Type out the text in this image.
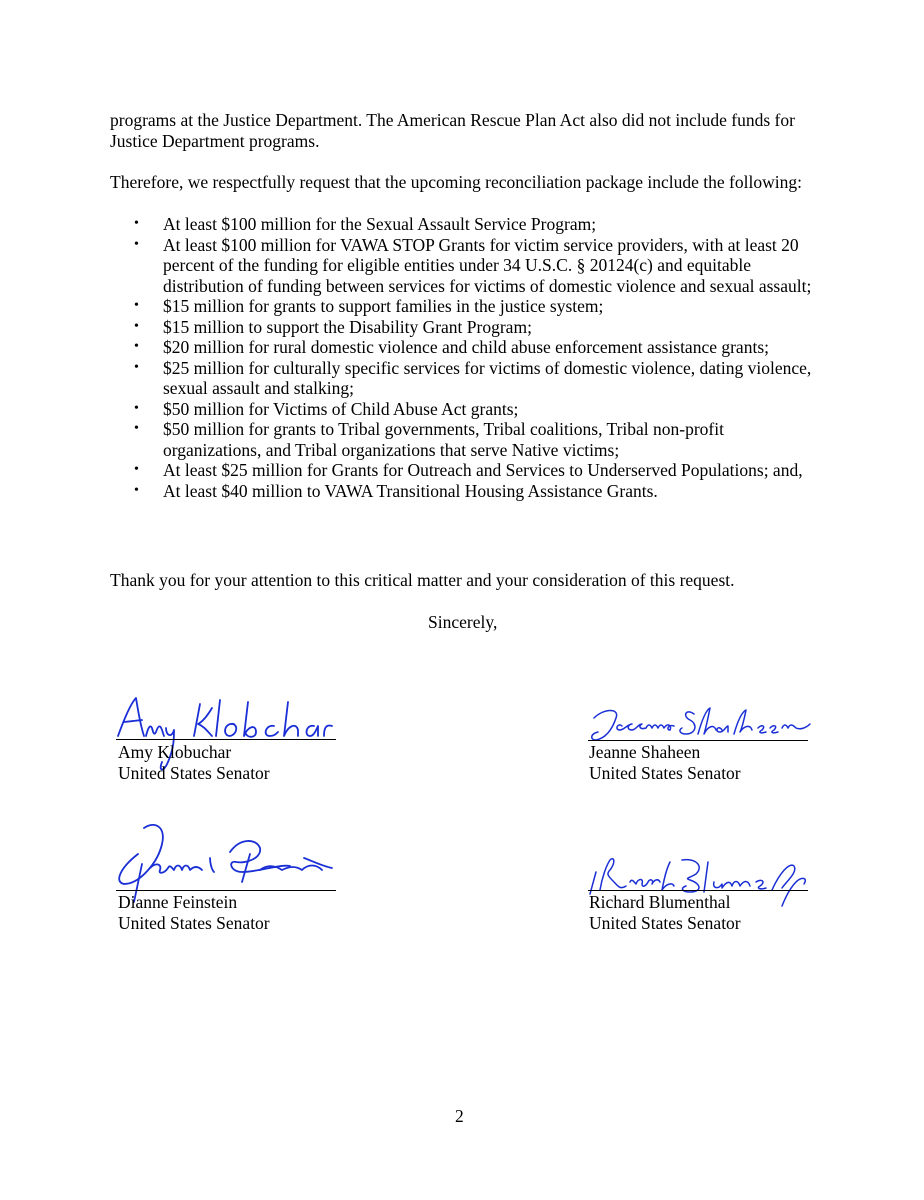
programs at the Justice Department. The American Rescue Plan Act also did not include funds for Justice Department programs.

Therefore, we respectfully request that the upcoming reconciliation package include the following:

• At least $100 million for the Sexual Assault Service Program;
• At least $100 million for VAWA STOP Grants for victim service providers, with at least 20 percent of the funding for eligible entities under 34 U.S.C. § 20124(c) and equitable distribution of funding between services for victims of domestic violence and sexual assault;
• $15 million for grants to support families in the justice system;
• $15 million to support the Disability Grant Program;
• $20 million for rural domestic violence and child abuse enforcement assistance grants;
• $25 million for culturally specific services for victims of domestic violence, dating violence, sexual assault and stalking;
• $50 million for Victims of Child Abuse Act grants;
• $50 million for grants to Tribal governments, Tribal coalitions, Tribal non-profit organizations, and Tribal organizations that serve Native victims;
• At least $25 million for Grants for Outreach and Services to Underserved Populations; and,
• At least $40 million to VAWA Transitional Housing Assistance Grants.

Thank you for your attention to this critical matter and your consideration of this request.

Sincerely,
Amy Klobuchar
United States Senator
Jeanne Shaheen
United States Senator
Dianne Feinstein
United States Senator
Richard Blumenthal
United States Senator
2
